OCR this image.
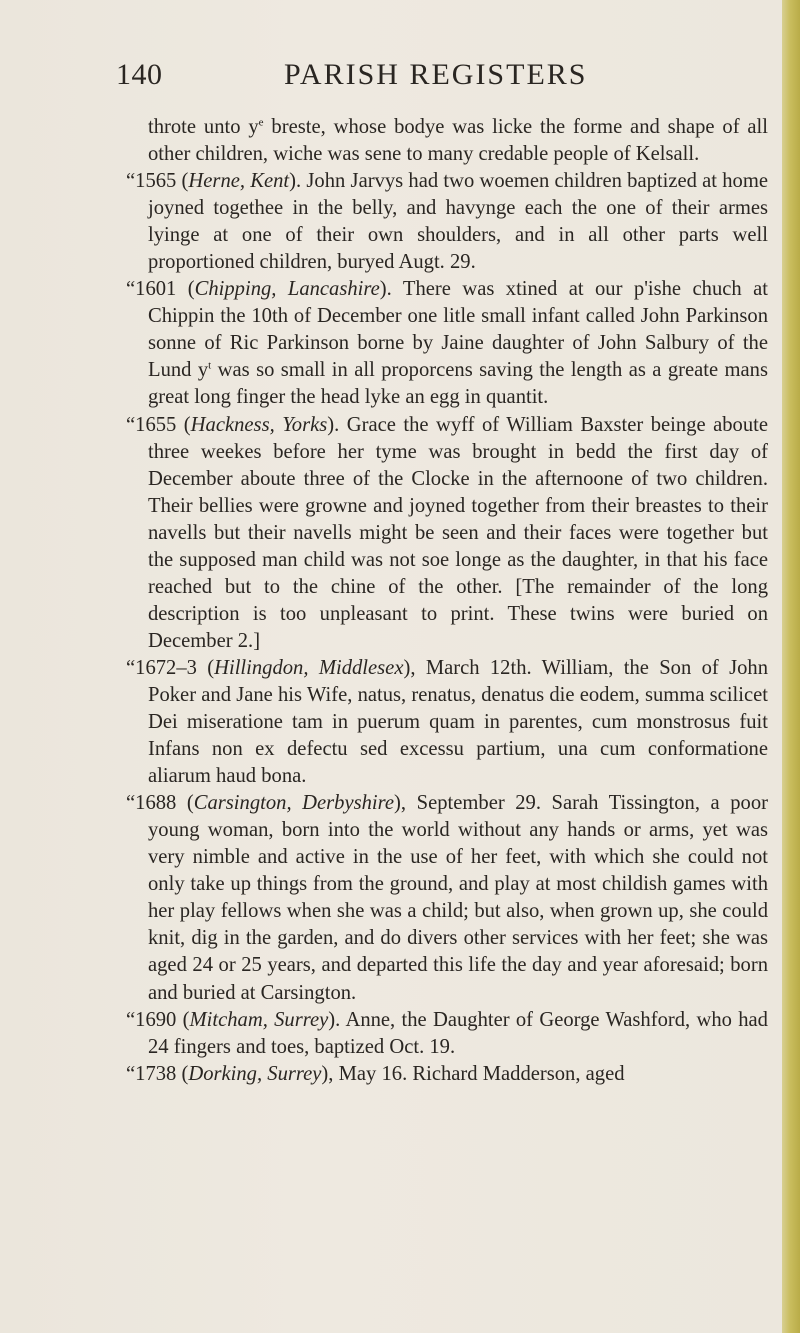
140	PARISH REGISTERS

throte unto $y^e$ breste, whose bodye was licke the forme and shape of all other children, wiche was sene to many credable people of Kelsall.

“1565 (Herne, Kent). John Jarvys had two woemen children baptized at home joyned togethee in the belly, and havynge each the one of their armes lyinge at one of their own shoulders, and in all other parts well proportioned children, buryed Augt. 29.

“1601 (Chipping, Lancashire). There was xtined at our p'ishe chuch at Chippin the 10th of December one litle small infant called John Parkinson sonne of Ric Parkinson borne by Jaine daughter of John Salbury of the Lund $y^t$ was so small in all proporcens saving the length as a greate mans great long finger the head lyke an egg in quantit.

“1655 (Hackness, Yorks). Grace the wyff of William Baxster beinge aboute three weekes before her tyme was brought in bedd the first day of December aboute three of the Clocke in the afternoone of two children. Their bellies were growne and joyned together from their breastes to their navells but their navells might be seen and their faces were together but the supposed man child was not soe longe as the daughter, in that his face reached but to the chine of the other. [The remainder of the long description is too unpleasant to print. These twins were buried on December 2.]

“1672–3 (Hillingdon, Middlesex), March 12th. William, the Son of John Poker and Jane his Wife, natus, renatus, denatus die eodem, summa scilicet Dei miseratione tam in puerum quam in parentes, cum monstrosus fuit Infans non ex defectu sed excessu partium, una cum conformatione aliarum haud bona.

“1688 (Carsington, Derbyshire), September 29. Sarah Tissington, a poor young woman, born into the world without any hands or arms, yet was very nimble and active in the use of her feet, with which she could not only take up things from the ground, and play at most childish games with her play fellows when she was a child; but also, when grown up, she could knit, dig in the garden, and do divers other services with her feet; she was aged 24 or 25 years, and departed this life the day and year aforesaid; born and buried at Carsington.

“1690 (Mitcham, Surrey). Anne, the Daughter of George Washford, who had 24 fingers and toes, baptized Oct. 19.

“1738 (Dorking, Surrey), May 16. Richard Madderson, aged
